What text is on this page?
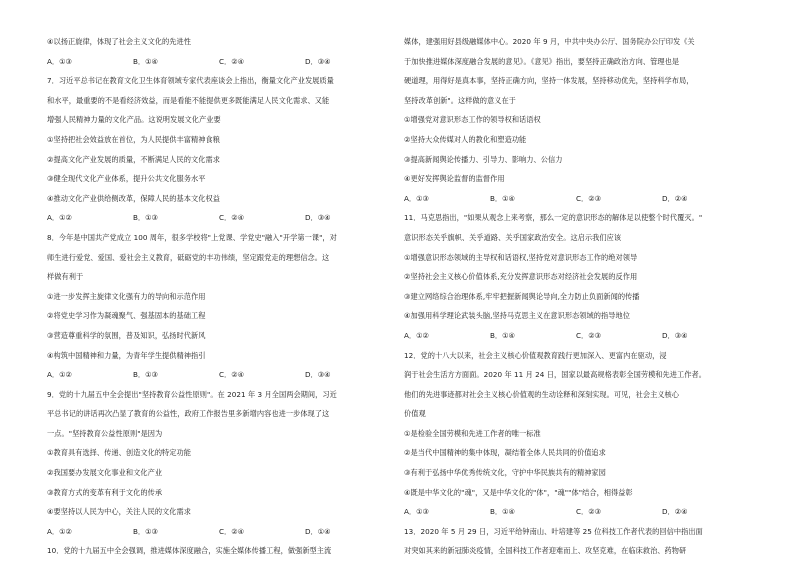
④以扬正旋律，体现了社会主义文化的先进性
A．①③	B．①④	C．②④	D．③④
7．习近平总书记在教育文化卫生体育领域专家代表座谈会上指出，衡量文化产业发展质量
和水平，最重要的不是看经济效益，而是看能不能提供更多既能满足人民文化需求、又能
增强人民精神力量的文化产品。这说明发展文化产业要
①坚持把社会效益放在首位，为人民提供丰富精神食粮
②提高文化产业发展的质量，不断满足人民的文化需求
③健全现代文化产业体系，提升公共文化服务水平
④推动文化产业供给侧改革，保障人民的基本文化权益
A．①②	B．①③	C．②④	D．③④
8．今年是中国共产党成立 100 周年，很多学校将"上党课、学党史"融入"开学第一课"，对
师生进行爱党、爱国、爱社会主义教育，砥砺党的丰功伟绩，坚定跟党走的理想信念。这
样做有利于
①进一步发挥主旋律文化强有力的导向和示范作用
②将党史学习作为凝魂聚气、强基固本的基础工程
③营造尊重科学的氛围，普及知识，弘扬时代新风
④构筑中国精神和力量，为青年学生提供精神指引
A．①②	B．①③	C．②④	D．③④
9．党的十九届五中全会提出"坚持教育公益性原则"。在 2021 年 3 月全国两会期间，习近
平总书记的讲话再次凸显了教育的公益性，政府工作报告里多新增内容也进一步体现了这
一点。"坚持教育公益性原则"是因为
①教育具有选择、传递、创造文化的特定功能
②我国要办发展文化事业和文化产业
③教育方式的变革有利于文化的传承
④要坚持以人民为中心，关注人民的文化需求
A．①②	B．①③	C．②④	D．①④
10．党的十九届五中全会强调，推进媒体深度融合，实施全媒体传播工程，做强新型主流
媒体，建强用好县级融媒体中心。2020 年 9 月，中共中央办公厅、国务院办公厅印发《关
于加快推进媒体深度融合发展的意见》。《意见》指出，要坚持正确政治方向、管理也是
硬道理，用得好是真本事，坚持正确方向，坚持一体发展，坚持移动优先，坚持科学布局，
坚持改革创新"。这样做的意义在于
①增强党对意识形态工作的领导权和话语权
②坚持大众传媒对人的教化和塑造功能
③提高新闻舆论传播力、引导力、影响力、公信力
④更好发挥舆论监督的监督作用
A．①③	B．①④	C．②③	D．②④
11．马克思指出，"如果从观念上来考察，那么一定的意识形态的解体足以使整个时代覆灭。"
意识形态关乎旗帜、关乎道路、关乎国家政治安全。这启示我们应该
①增强意识形态领域的主导权和话语权,坚持党对意识形态工作的绝对领导
②坚持社会主义核心价值体系,充分发挥意识形态对经济社会发展的反作用
③建立网络综合治理体系,牢牢把握新闻舆论导向,全力防止负面新闻的传播
④加强用科学理论武装头脑,坚持马克思主义在意识形态领域的指导地位
A．①②	B．①④	C．②③	D．③④
12．党的十八大以来，社会主义核心价值观教育践行更加深入、更富内在驱动，浸
润于社会生活方方面面。2020 年 11 月 24 日，国家以最高规格表彰全国劳模和先进工作者。
他们的先进事迹都对社会主义核心价值观的生动诠释和深刻实现。可见，社会主义核心
价值观
①是检验全国劳模和先进工作者的唯一标准
②是当代中国精神的集中体现，凝结着全体人民共同的价值追求
③有利于弘扬中华优秀传统文化，守护中华民族共有的精神家园
④既是中华文化的"魂"，又是中华文化的"体"，"魂""体"结合，相得益彰
A．①③	B．①④	C．②③	D．②④
13．2020 年 5 月 29 日，习近平给钟南山、叶培建等 25 位科技工作者代表的回信中指出面
对突如其来的新冠肺炎疫情，全国科技工作者迎难而上、攻坚克难，在临床救治、药物研
